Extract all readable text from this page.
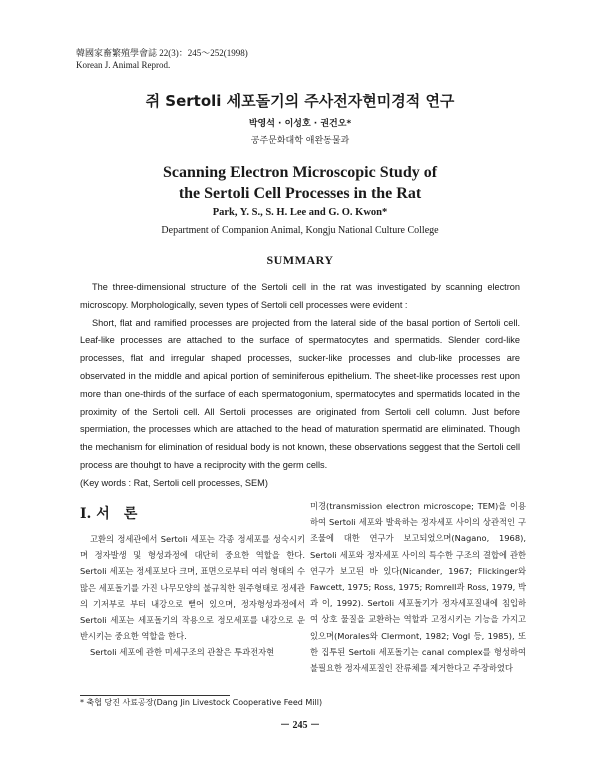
韓國家畜繁殖學會誌 22(3)：245～252(1998)
Korean J. Animal Reprod.
쥐 Sertoli 세포돌기의 주사전자현미경적 연구
박영석 · 이성호 · 권건오*
공주문화대학 애완동물과
Scanning Electron Microscopic Study of
the Sertoli Cell Processes in the Rat
Park, Y. S., S. H. Lee and G. O. Kwon*
Department of Companion Animal, Kongju National Culture College
SUMMARY

The three-dimensional structure of the Sertoli cell in the rat was investigated by scanning electron microscopy. Morphologically, seven types of Sertoli cell processes were evident :

Short, flat and ramified processes are projected from the lateral side of the basal portion of Sertoli cell. Leaf-like processes are attached to the surface of spermatocytes and spermatids. Slender cord-like processes, flat and irregular shaped processes, sucker-like processes and club-like processes are observated in the middle and apical portion of seminiferous epithelium. The sheet-like processes rest upon more than one-thirds of the surface of each spermatogonium, spermatocytes and spermatids located in the proximity of the Sertoli cell. All Sertoli processes are originated from Sertoli cell column. Just before spermiation, the processes which are attached to the head of maturation spermatid are eliminated. Though the mechanism for elimination of residual body is not known, these observations seggest that the Sertoli cell process are thouhgt to have a reciprocity with the germ cells.

(Key words : Rat, Sertoli cell processes, SEM)

I. 서　론

고환의 정세관에서 Sertoli 세포는 각종 정세포를 성숙시키며 정자발생 및 형성과정에 대단히 중요한 역할을 한다. Sertoli 세포는 정세포보다 크며, 표면으로부터 여러 형태의 수많은 세포돌기를 가진 나무모양의 불규칙한 원주형태로 정세관의 기저부로 부터 내강으로 뻗어 있으며, 정자형성과정에서 Sertoli 세포는 세포돌기의 작용으로 정모세포를 내강으로 운반시키는 중요한 역할을 한다.

Sertoli 세포에 관한 미세구조의 관찰은 투과전자현

미경(transmission electron microscope; TEM)을 이용하여 Sertoli 세포와 발육하는 정자세포 사이의 상관적인 구조물에 대한 연구가 보고되었으며(Nagano, 1968), Sertoli 세포와 정자세포 사이의 특수한 구조의 결합에 관한 연구가 보고된 바 있다(Nicander, 1967; Flickinger와 Fawcett, 1975; Ross, 1975; Romrell과 Ross, 1979, 박과 이, 1992). Sertoli 세포돌기가 정자세포질내에 침입하여 상호 물질을 교환하는 역할과 고정시키는 기능을 가지고 있으며(Morales와 Clermont, 1982; Vogl 등, 1985), 또한 집투된 Sertoli 세포돌기는 canal complex를 형성하여 불필요한 정자세포질인 잔류체를 제거한다고 주장하였다

* 축협 당진 사료공장(Dang Jin Livestock Cooperative Feed Mill)
－ 245 －
